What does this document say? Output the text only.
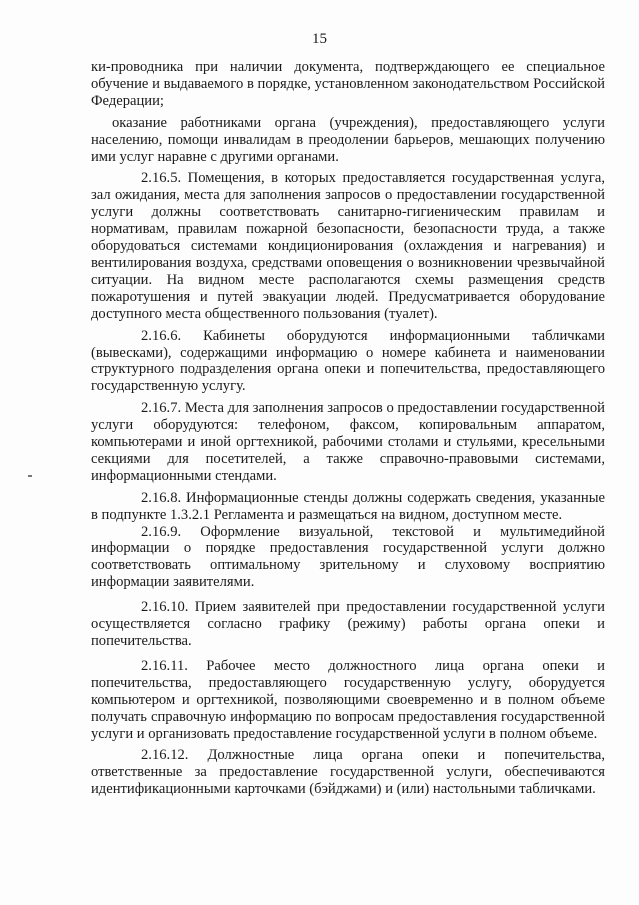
15

ки-проводника при наличии документа, подтверждающего ее специальное обучение и выдаваемого в порядке, установленном законодательством Российской Федерации;

оказание работниками органа (учреждения), предоставляющего услуги населению, помощи инвалидам в преодолении барьеров, мешающих получению ими услуг наравне с другими органами.

2.16.5. Помещения, в которых предоставляется государственная услуга, зал ожидания, места для заполнения запросов о предоставлении государственной услуги должны соответствовать санитарно-гигиеническим правилам и нормативам, правилам пожарной безопасности, безопасности труда, а также оборудоваться системами кондиционирования (охлаждения и нагревания) и вентилирования воздуха, средствами оповещения о возникновении чрезвычайной ситуации. На видном месте располагаются схемы размещения средств пожаротушения и путей эвакуации людей. Предусматривается оборудование доступного места общественного пользования (туалет).

2.16.6. Кабинеты оборудуются информационными табличками (вывесками), содержащими информацию о номере кабинета и наименовании структурного подразделения органа опеки и попечительства, предоставляющего государственную услугу.

2.16.7. Места для заполнения запросов о предоставлении государственной услуги оборудуются: телефоном, факсом, копировальным аппаратом, компьютерами и иной оргтехникой, рабочими столами и стульями, кресельными секциями для посетителей, а также справочно-правовыми системами, информационными стендами.

2.16.8. Информационные стенды должны содержать сведения, указанные в подпункте 1.3.2.1 Регламента и размещаться на видном, доступном месте.

2.16.9. Оформление визуальной, текстовой и мультимедийной информации о порядке предоставления государственной услуги должно соответствовать оптимальному зрительному и слуховому восприятию информации заявителями.

2.16.10. Прием заявителей при предоставлении государственной услуги осуществляется согласно графику (режиму) работы органа опеки и попечительства.

2.16.11. Рабочее место должностного лица органа опеки и попечительства, предоставляющего государственную услугу, оборудуется компьютером и оргтехникой, позволяющими своевременно и в полном объеме получать справочную информацию по вопросам предоставления государственной услуги и организовать предоставление государственной услуги в полном объеме.

2.16.12. Должностные лица органа опеки и попечительства, ответственные за предоставление государственной услуги, обеспечиваются идентификационными карточками (бэйджами) и (или) настольными табличками.
